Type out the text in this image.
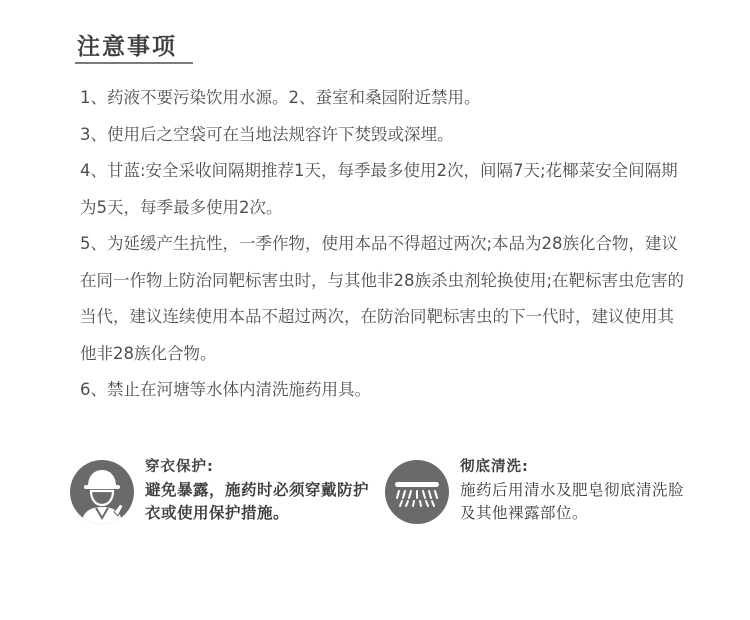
注意事项

1、药液不要污染饮用水源。2、蚕室和桑园附近禁用。

3、使用后之空袋可在当地法规容许下焚毁或深埋。

4、甘蓝:安全采收间隔期推荐1天，每季最多使用2次，间隔7天;花椰菜安全间隔期为5天，每季最多使用2次。

5、为延缓产生抗性，一季作物，使用本品不得超过两次;本品为28族化合物，建议在同一作物上防治同靶标害虫时，与其他非28族杀虫剂轮换使用;在靶标害虫危害的当代，建议连续使用本品不超过两次，在防治同靶标害虫的下一代时，建议使用其他非28族化合物。

6、禁止在河塘等水体内清洗施药用具。

穿衣保护:
避免暴露，施药时必须穿戴防护衣或使用保护措施。
彻底清洗:
施药后用清水及肥皂彻底清洗脸及其他裸露部位。
